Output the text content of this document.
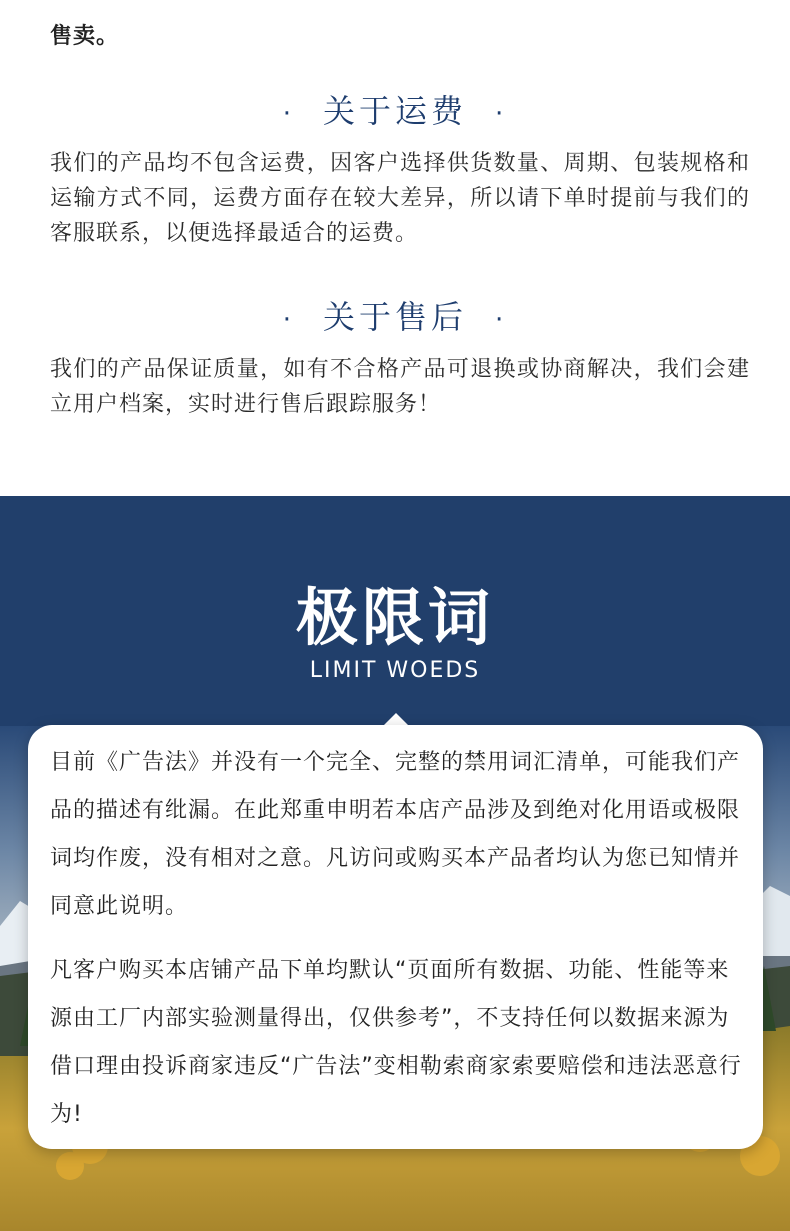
售卖。
· 关于运费 ·
我们的产品均不包含运费，因客户选择供货数量、周期、包装规格和运输方式不同，运费方面存在较大差异，所以请下单时提前与我们的客服联系，以便选择最适合的运费。
· 关于售后 ·
我们的产品保证质量，如有不合格产品可退换或协商解决，我们会建立用户档案，实时进行售后跟踪服务！
极限词
LIMIT WOEDS

目前《广告法》并没有一个完全、完整的禁用词汇清单，可能我们产品的描述有纰漏。在此郑重申明若本店产品涉及到绝对化用语或极限词均作废，没有相对之意。凡访问或购买本产品者均认为您已知情并同意此说明。

凡客户购买本店铺产品下单均默认“页面所有数据、功能、性能等来源由工厂内部实验测量得出，仅供参考”，不支持任何以数据来源为借口理由投诉商家违反“广告法”变相勒索商家索要赔偿和违法恶意行为!
